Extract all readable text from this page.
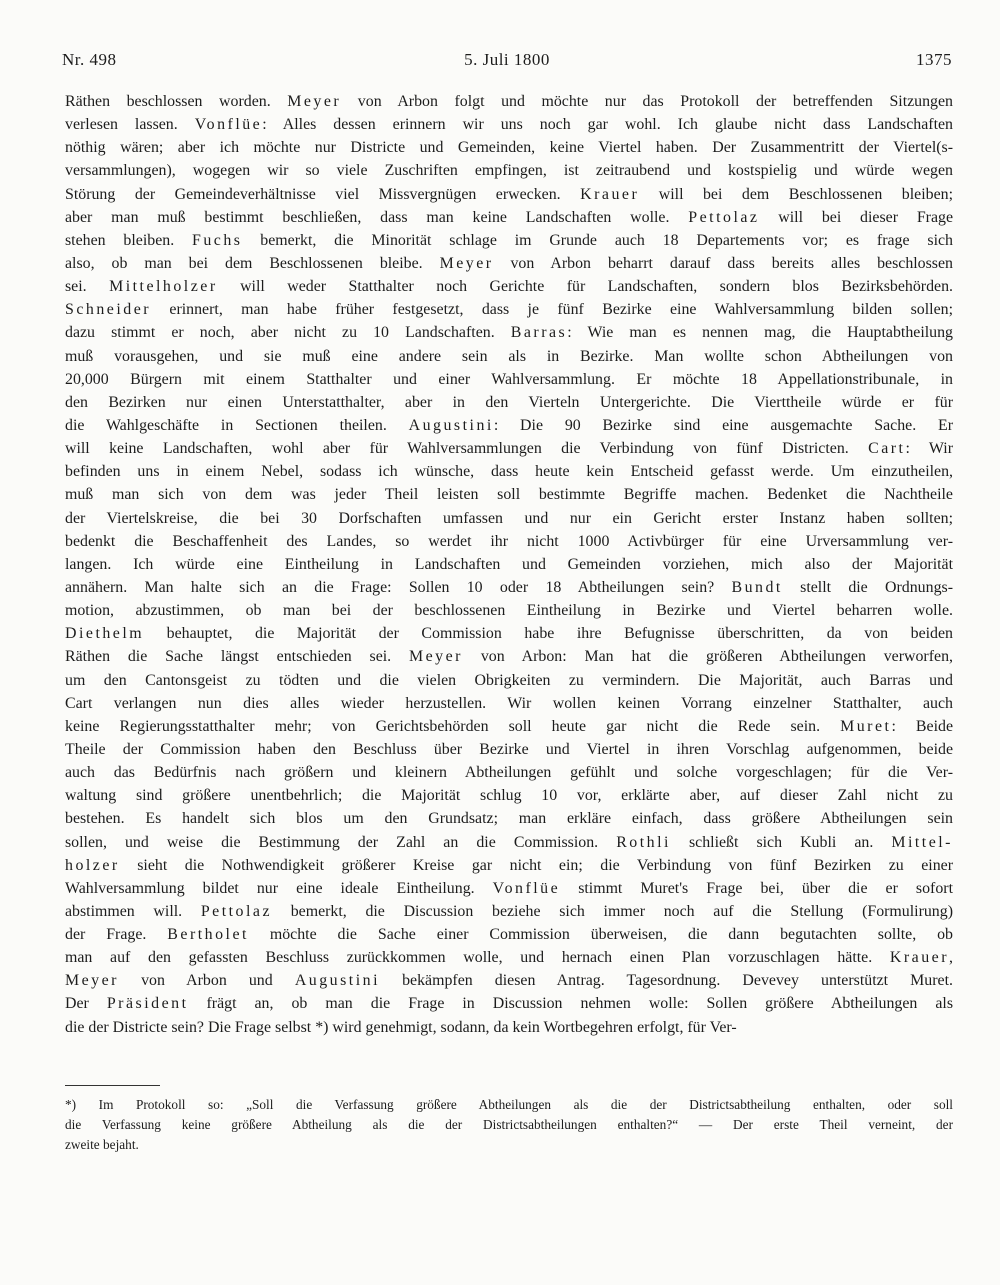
Nr. 498	5. Juli 1800	1375
Räthen beschlossen worden. Meyer von Arbon folgt und möchte nur das Protokoll der betreffenden Sitzungen
verlesen lassen. Vonflüe: Alles dessen erinnern wir uns noch gar wohl. Ich glaube nicht dass Landschaften
nöthig wären; aber ich möchte nur Districte und Gemeinden, keine Viertel haben. Der Zusammentritt der Viertel(s-
versammlungen), wogegen wir so viele Zuschriften empfingen, ist zeitraubend und kostspielig und würde wegen
Störung der Gemeindeverhältnisse viel Missvergnügen erwecken. Krauer will bei dem Beschlossenen bleiben;
aber man muß bestimmt beschließen, dass man keine Landschaften wolle. Pettolaz will bei dieser Frage
stehen bleiben. Fuchs bemerkt, die Minorität schlage im Grunde auch 18 Departements vor; es frage sich
also, ob man bei dem Beschlossenen bleibe. Meyer von Arbon beharrt darauf dass bereits alles beschlossen
sei. Mittelholzer will weder Statthalter noch Gerichte für Landschaften, sondern blos Bezirksbehörden.
Schneider erinnert, man habe früher festgesetzt, dass je fünf Bezirke eine Wahlversammlung bilden sollen;
dazu stimmt er noch, aber nicht zu 10 Landschaften. Barras: Wie man es nennen mag, die Hauptabtheilung
muß vorausgehen, und sie muß eine andere sein als in Bezirke. Man wollte schon Abtheilungen von
20,000 Bürgern mit einem Statthalter und einer Wahlversammlung. Er möchte 18 Appellationstribunale, in
den Bezirken nur einen Unterstatthalter, aber in den Vierteln Untergerichte. Die Vierttheile würde er für
die Wahlgeschäfte in Sectionen theilen. Augustini: Die 90 Bezirke sind eine ausgemachte Sache. Er
will keine Landschaften, wohl aber für Wahlversammlungen die Verbindung von fünf Districten. Cart: Wir
befinden uns in einem Nebel, sodass ich wünsche, dass heute kein Entscheid gefasst werde. Um einzutheilen,
muß man sich von dem was jeder Theil leisten soll bestimmte Begriffe machen. Bedenket die Nachtheile
der Viertelskreise, die bei 30 Dorfschaften umfassen und nur ein Gericht erster Instanz haben sollten;
bedenkt die Beschaffenheit des Landes, so werdet ihr nicht 1000 Activbürger für eine Urversammlung ver-
langen. Ich würde eine Eintheilung in Landschaften und Gemeinden vorziehen, mich also der Majorität
annähern. Man halte sich an die Frage: Sollen 10 oder 18 Abtheilungen sein? Bundt stellt die Ordnungs-
motion, abzustimmen, ob man bei der beschlossenen Eintheilung in Bezirke und Viertel beharren wolle.
Diethelm behauptet, die Majorität der Commission habe ihre Befugnisse überschritten, da von beiden
Räthen die Sache längst entschieden sei. Meyer von Arbon: Man hat die größeren Abtheilungen verworfen,
um den Cantonsgeist zu tödten und die vielen Obrigkeiten zu vermindern. Die Majorität, auch Barras und
Cart verlangen nun dies alles wieder herzustellen. Wir wollen keinen Vorrang einzelner Statthalter, auch
keine Regierungsstatthalter mehr; von Gerichtsbehörden soll heute gar nicht die Rede sein. Muret: Beide
Theile der Commission haben den Beschluss über Bezirke und Viertel in ihren Vorschlag aufgenommen, beide
auch das Bedürfnis nach größern und kleinern Abtheilungen gefühlt und solche vorgeschlagen; für die Ver-
waltung sind größere unentbehrlich; die Majorität schlug 10 vor, erklärte aber, auf dieser Zahl nicht zu
bestehen. Es handelt sich blos um den Grundsatz; man erkläre einfach, dass größere Abtheilungen sein
sollen, und weise die Bestimmung der Zahl an die Commission. Rothli schließt sich Kubli an. Mittel-
holzer sieht die Nothwendigkeit größerer Kreise gar nicht ein; die Verbindung von fünf Bezirken zu einer
Wahlversammlung bildet nur eine ideale Eintheilung. Vonflüe stimmt Muret's Frage bei, über die er sofort
abstimmen will. Pettolaz bemerkt, die Discussion beziehe sich immer noch auf die Stellung (Formulirung)
der Frage. Bertholet möchte die Sache einer Commission überweisen, die dann begutachten sollte, ob
man auf den gefassten Beschluss zurückkommen wolle, und hernach einen Plan vorzuschlagen hätte. Krauer,
Meyer von Arbon und Augustini bekämpfen diesen Antrag. Tagesordnung. Devevey unterstützt Muret.
Der Präsident frägt an, ob man die Frage in Discussion nehmen wolle: Sollen größere Abtheilungen als
die der Districte sein? Die Frage selbst *) wird genehmigt, sodann, da kein Wortbegehren erfolgt, für Ver-
*) Im Protokoll so: „Soll die Verfassung größere Abtheilungen als die der Districtsabtheilung enthalten, oder soll
die Verfassung keine größere Abtheilung als die der Districtsabtheilungen enthalten?“ — Der erste Theil verneint, der
zweite bejaht.
